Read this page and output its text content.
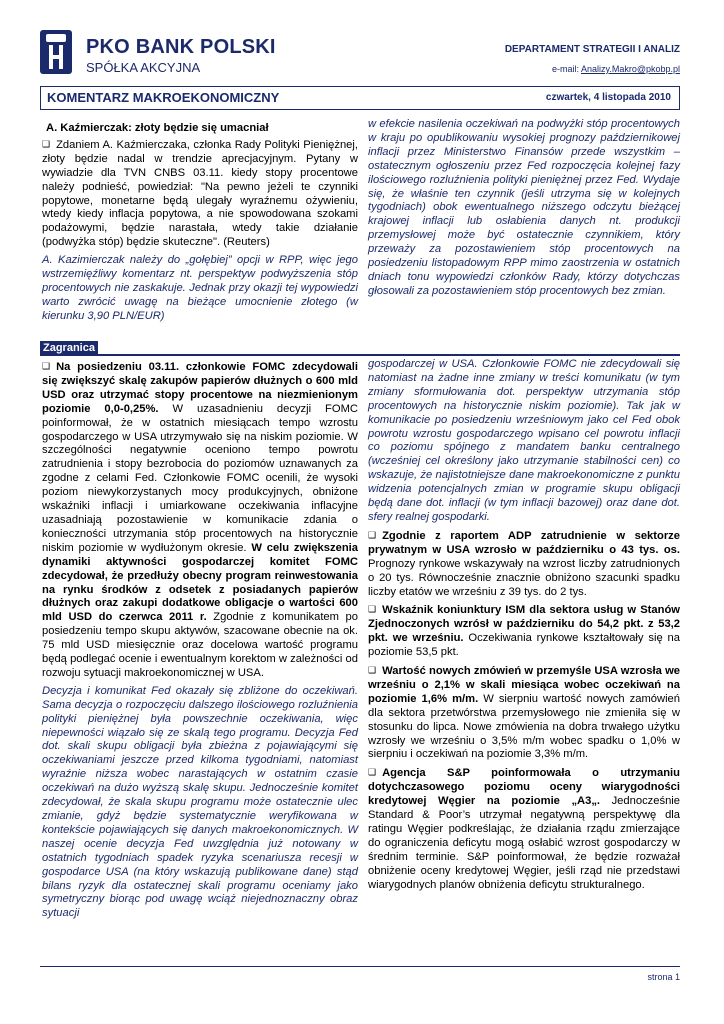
PKO BANK POLSKI
SPÓŁKA AKCYJNA
DEPARTAMENT STRATEGII I ANALIZ
e-mail: Analizy.Makro@pkobp.pl
KOMENTARZ MAKROEKONOMICZNY	czwartek, 4 listopada 2010

A. Kaźmierczak: złoty będzie się umacniał

❑ Zdaniem A. Kaźmierczaka, członka Rady Polityki Pieniężnej, złoty będzie nadal w trendzie aprecjacyjnym. Pytany w wywiadzie dla TVN CNBS 03.11. kiedy stopy procentowe należy podnieść, powiedział: "Na pewno jeżeli te czynniki popytowe, monetarne będą ulegały wyraźnemu ożywieniu, wtedy kiedy inflacja popytowa, a nie spowodowana szokami podażowymi, będzie narastała, wtedy takie działanie (podwyżka stóp) będzie skuteczne". (Reuters)

A. Kazimierczak należy do „gołębiej” opcji w RPP, więc jego wstrzemięźliwy komentarz nt. perspektyw podwyższenia stóp procentowych nie zaskakuje. Jednak przy okazji tej wypowiedzi warto zwrócić uwagę na bieżące umocnienie złotego (w kierunku 3,90 PLN/EUR)

w efekcie nasilenia oczekiwań na podwyżki stóp procentowych w kraju po opublikowaniu wysokiej prognozy październikowej inflacji przez Ministerstwo Finansów przede wszystkim – ostatecznym ogłoszeniu przez Fed rozpoczęcia kolejnej fazy ilościowego rozluźnienia polityki pieniężnej przez Fed. Wydaje się, że właśnie ten czynnik (jeśli utrzyma się w kolejnych tygodniach) obok ewentualnego niższego odczytu bieżącej krajowej inflacji lub osłabienia danych nt. produkcji przemysłowej może być ostatecznie czynnikiem, który przeważy za pozostawieniem stóp procentowych na posiedzeniu listopadowym RPP mimo zaostrzenia w ostatnich dniach tonu wypowiedzi członków Rady, którzy dotychczas głosowali za pozostawieniem stóp procentowych bez zmian.

Zagranica

❑ Na posiedzeniu 03.11. członkowie FOMC zdecydowali się zwiększyć skalę zakupów papierów dłużnych o 600 mld USD oraz utrzymać stopy procentowe na niezmienionym poziomie 0,0-0,25%. W uzasadnieniu decyzji FOMC poinformował, że w ostatnich miesiącach tempo wzrostu gospodarczego w USA utrzymywało się na niskim poziomie. W szczególności negatywnie oceniono tempo powrotu zatrudnienia i stopy bezrobocia do poziomów uznawanych za zgodne z celami Fed. Członkowie FOMC ocenili, że wysoki poziom niewykorzystanych mocy produkcyjnych, obniżone wskaźniki inflacji i umiarkowane oczekiwania inflacyjne uzasadniają pozostawienie w komunikacie zdania o konieczności utrzymania stóp procentowych na historycznie niskim poziomie w wydłużonym okresie. W celu zwiększenia dynamiki aktywności gospodarczej komitet FOMC zdecydował, że przedłuży obecny program reinwestowania na rynku środków z odsetek z posiadanych papierów dłużnych oraz zakupi dodatkowe obligacje o wartości 600 mld USD do czerwca 2011 r. Zgodnie z komunikatem po posiedzeniu tempo skupu aktywów, szacowane obecnie na ok. 75 mld USD miesięcznie oraz docelowa wartość programu będą podlegać ocenie i ewentualnym korektom w zależności od rozwoju sytuacji makroekonomicznej w USA.

Decyzja i komunikat Fed okazały się zbliżone do oczekiwań. Sama decyzja o rozpoczęciu dalszego ilościowego rozluźnienia polityki pieniężnej była powszechnie oczekiwania, więc niepewności wiązało się ze skalą tego programu. Decyzja Fed dot. skali skupu obligacji była zbieżna z pojawiającymi się oczekiwaniami jeszcze przed kilkoma tygodniami, natomiast wyraźnie niższa wobec narastających w ostatnim czasie oczekiwań na dużo wyższą skalę skupu. Jednocześnie komitet zdecydował, że skala skupu programu może ostatecznie ulec zmianie, gdyż będzie systematycznie weryfikowana w kontekście pojawiających się danych makroekonomicznych. W naszej ocenie decyzja Fed uwzględnia już notowany w ostatnich tygodniach spadek ryzyka scenariusza recesji w gospodarce USA (na który wskazują publikowane dane) stąd bilans ryzyk dla ostatecznej skali programu oceniamy jako symetryczny biorąc pod uwagę wciąż niejednoznaczny obraz sytuacji

gospodarczej w USA. Członkowie FOMC nie zdecydowali się natomiast na żadne inne zmiany w treści komunikatu (w tym zmiany sformułowania dot. perspektyw utrzymania stóp procentowych na historycznie niskim poziomie). Tak jak w komunikacie po posiedzeniu wrześniowym jako cel Fed obok powrotu wzrostu gospodarczego wpisano cel powrotu inflacji co poziomu spójnego z mandatem banku centralnego (wcześniej cel określony jako utrzymanie stabilności cen) co wskazuje, że najistotniejsze dane makroekonomiczne z punktu widzenia potencjalnych zmian w programie skupu obligacji będą dane dot. inflacji (w tym inflacji bazowej) oraz dane dot. sfery realnej gospodarki.

❑ Zgodnie z raportem ADP zatrudnienie w sektorze prywatnym w USA wzrosło w październiku o 43 tys. os. Prognozy rynkowe wskazywały na wzrost liczby zatrudnionych o 20 tys. Równocześnie znacznie obniżono szacunki spadku liczby etatów we wrześniu z 39 tys. do 2 tys.

❑ Wskaźnik koniunktury ISM dla sektora usług w Stanów Zjednoczonych wzrósł w październiku do 54,2 pkt. z 53,2 pkt. we wrześniu. Oczekiwania rynkowe kształtowały się na poziomie 53,5 pkt.

❑ Wartość nowych zmówień w przemyśle USA wzrosła we wrześniu o 2,1% w skali miesiąca wobec oczekiwań na poziomie 1,6% m/m. W sierpniu wartość nowych zamówień dla sektora przetwórstwa przemysłowego nie zmieniła się w stosunku do lipca. Nowe zmówienia na dobra trwałego użytku wzrosły we wrześniu o 3,5% m/m wobec spadku o 1,0% w sierpniu i oczekiwań na poziomie 3,3% m/m.

❑ Agencja S&P poinformowała o utrzymaniu dotychczasowego poziomu oceny wiarygodności kredytowej Węgier na poziomie „A3„. Jednocześnie Standard & Poor’s utrzymał negatywną perspektywę dla ratingu Węgier podkreślając, że działania rządu zmierzające do ograniczenia deficytu mogą osłabić wzrost gospodarczy w średnim terminie. S&P poinformował, że będzie rozważał obniżenie oceny kredytowej Węgier, jeśli rząd nie przedstawi wiarygodnych planów obniżenia deficytu strukturalnego.

strona 1
